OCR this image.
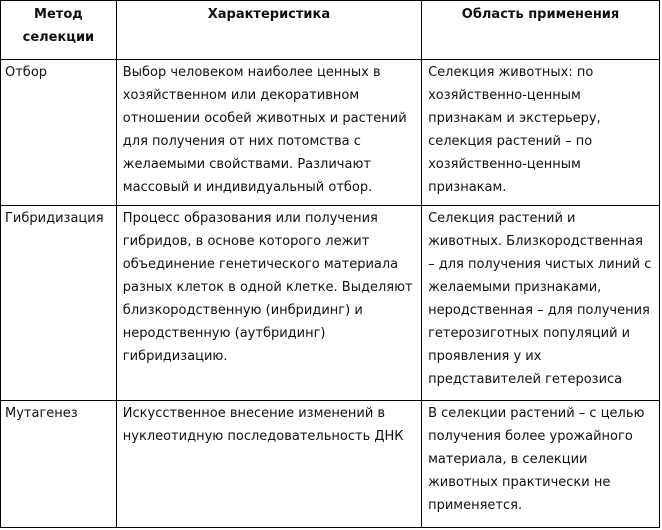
Метод селекции	Характеристика	Область применения

Отбор	Выбор человеком наиболее ценных в хозяйственном или декоративном отношении особей животных и растений для получения от них потомства с желаемыми свойствами. Различают массовый и индивидуальный отбор.	Селекция животных: по хозяйственно-ценным признакам и экстерьеру, селекция растений – по хозяйственно-ценным признакам.

Гибридизация	Процесс образования или получения гибридов, в основе которого лежит объединение генетического материала разных клеток в одной клетке. Выделяют близкородственную (инбридинг) и неродственную (аутбридинг) гибридизацию.	Селекция растений и животных. Близкородственная – для получения чистых линий с желаемыми признаками, неродственная – для получения гетерозиготных популяций и проявления у их представителей гетерозиса

Мутагенез	Искусственное внесение изменений в нуклеотидную последовательность ДНК	В селекции растений – с целью получения более урожайного материала, в селекции животных практически не применяется.
